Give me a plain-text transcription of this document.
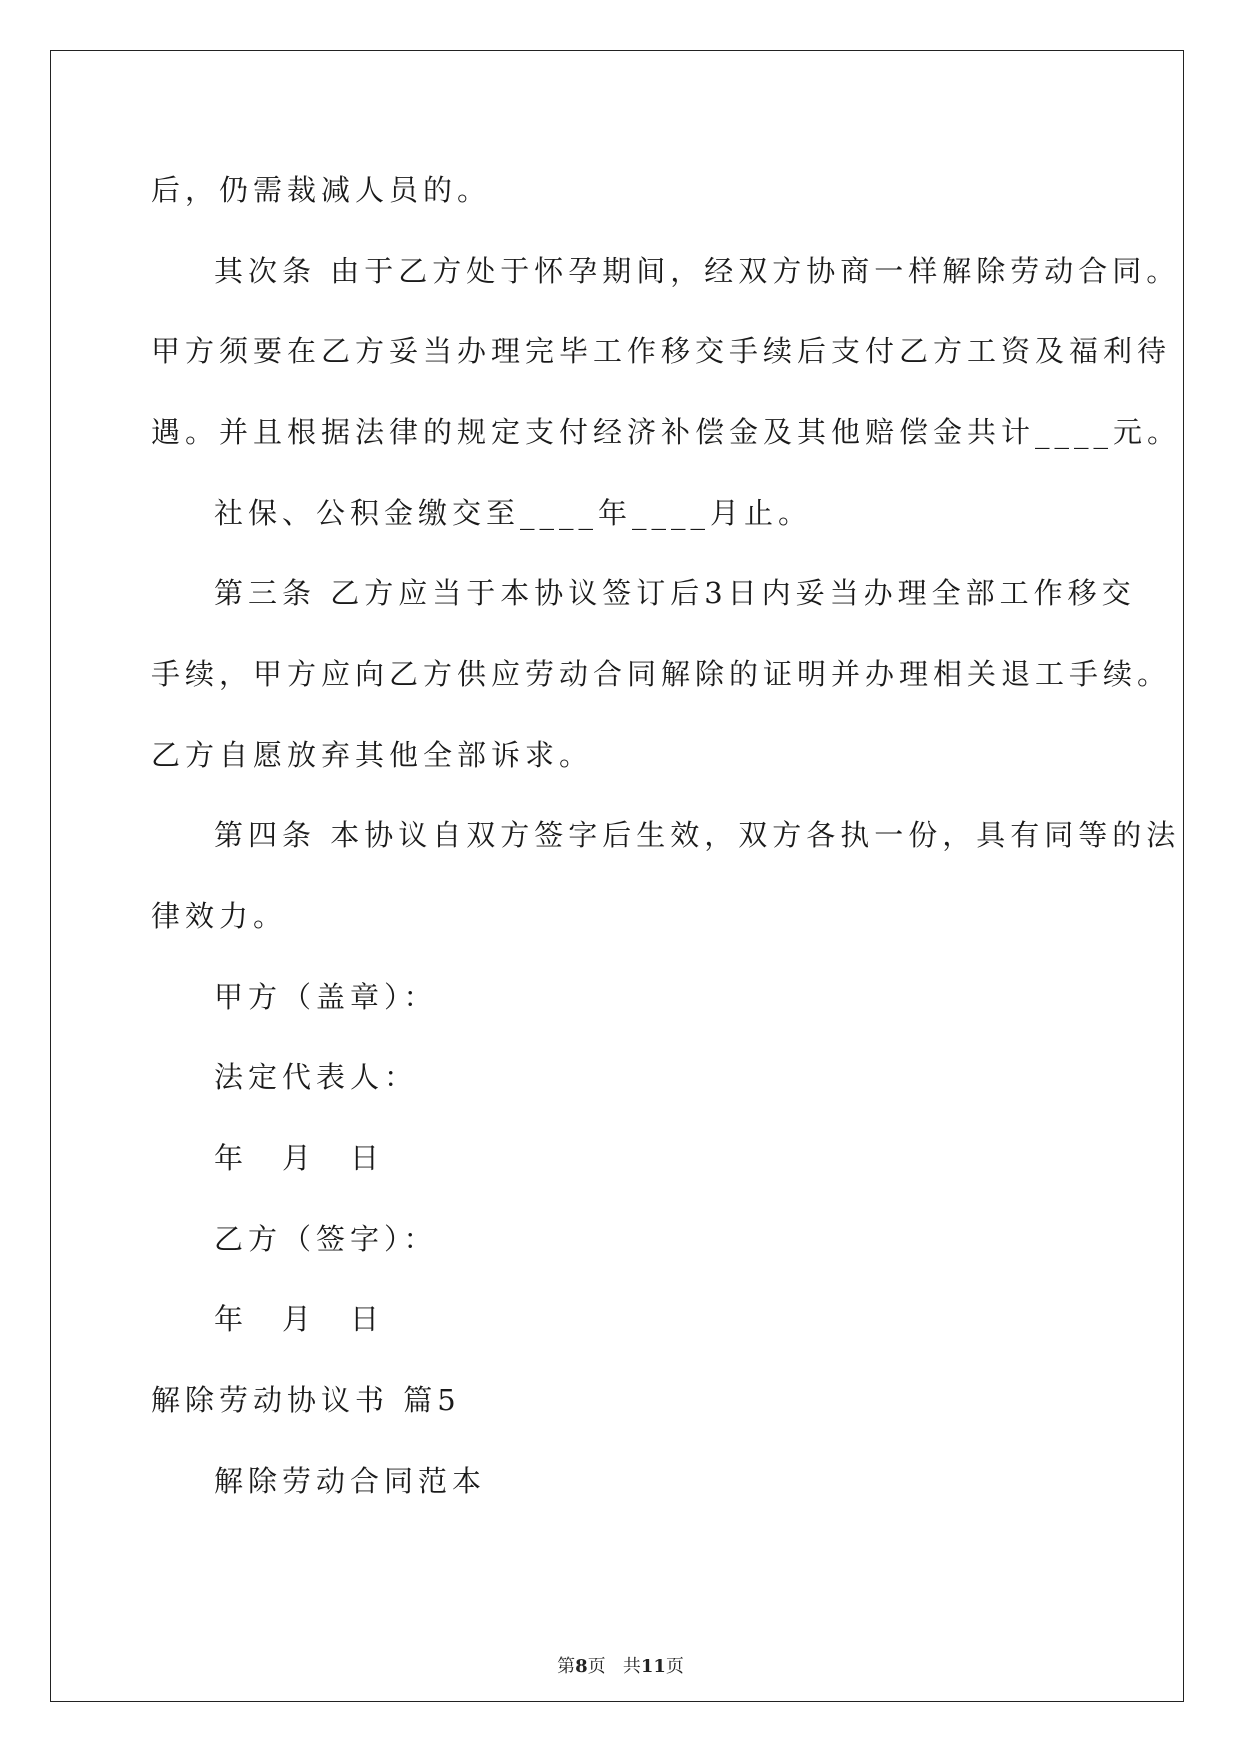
后，仍需裁减人员的。
其次条 由于乙方处于怀孕期间，经双方协商一样解除劳动合同。
甲方须要在乙方妥当办理完毕工作移交手续后支付乙方工资及福利待
遇。并且根据法律的规定支付经济补偿金及其他赔偿金共计____元。
社保、公积金缴交至____年____月止。
第三条 乙方应当于本协议签订后3日内妥当办理全部工作移交
手续，甲方应向乙方供应劳动合同解除的证明并办理相关退工手续。
乙方自愿放弃其他全部诉求。
第四条 本协议自双方签字后生效，双方各执一份，具有同等的法
律效力。
甲方（盖章）：
法定代表人：
年　月　日
乙方（签字）：
年　月　日
解除劳动协议书 篇5
解除劳动合同范本
第8页 共11页
